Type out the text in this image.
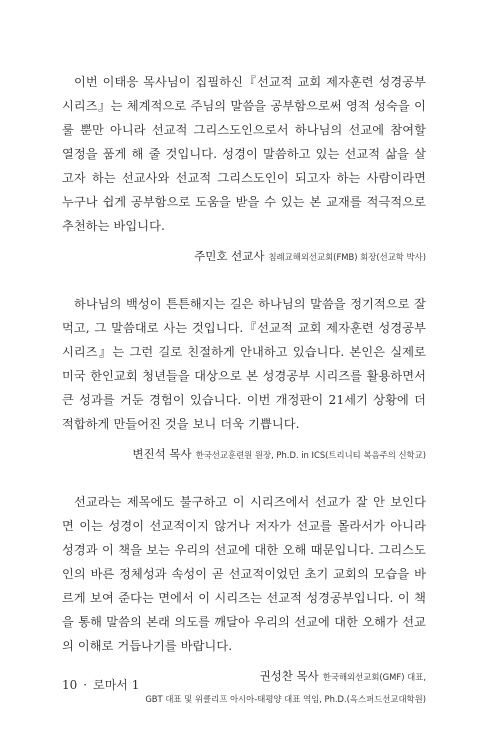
이번 이태응 목사님이 집필하신『선교적 교회 제자훈련 성경공부 시리즈』는 체계적으로 주님의 말씀을 공부함으로써 영적 성숙을 이룰 뿐만 아니라 선교적 그리스도인으로서 하나님의 선교에 참여할 열정을 품게 해 줄 것입니다. 성경이 말씀하고 있는 선교적 삶을 살고자 하는 선교사와 선교적 그리스도인이 되고자 하는 사람이라면 누구나 쉽게 공부함으로 도움을 받을 수 있는 본 교재를 적극적으로 추천하는 바입니다.

주민호 선교사 침례교해외선교회(FMB) 회장(선교학 박사)

하나님의 백성이 튼튼해지는 길은 하나님의 말씀을 정기적으로 잘 먹고, 그 말씀대로 사는 것입니다.『선교적 교회 제자훈련 성경공부 시리즈』는 그런 길로 친절하게 안내하고 있습니다. 본인은 실제로 미국 한인교회 청년들을 대상으로 본 성경공부 시리즈를 활용하면서 큰 성과를 거둔 경험이 있습니다. 이번 개정판이 21세기 상황에 더 적합하게 만들어진 것을 보니 더욱 기쁩니다.

변진석 목사 한국선교훈련원 원장, Ph.D. in ICS(트리니티 복음주의 신학교)

선교라는 제목에도 불구하고 이 시리즈에서 선교가 잘 안 보인다면 이는 성경이 선교적이지 않거나 저자가 선교를 몰라서가 아니라 성경과 이 책을 보는 우리의 선교에 대한 오해 때문입니다. 그리스도인의 바른 정체성과 속성이 곧 선교적이었던 초기 교회의 모습을 바르게 보여 준다는 면에서 이 시리즈는 선교적 성경공부입니다. 이 책을 통해 말씀의 본래 의도를 깨달아 우리의 선교에 대한 오해가 선교의 이해로 거듭나기를 바랍니다.

권성찬 목사 한국해외선교회(GMF) 대표,
GBT 대표 및 위클리프 아시아-태평양 대표 역임, Ph.D.(옥스퍼드선교대학원)
10 · 로마서 1
